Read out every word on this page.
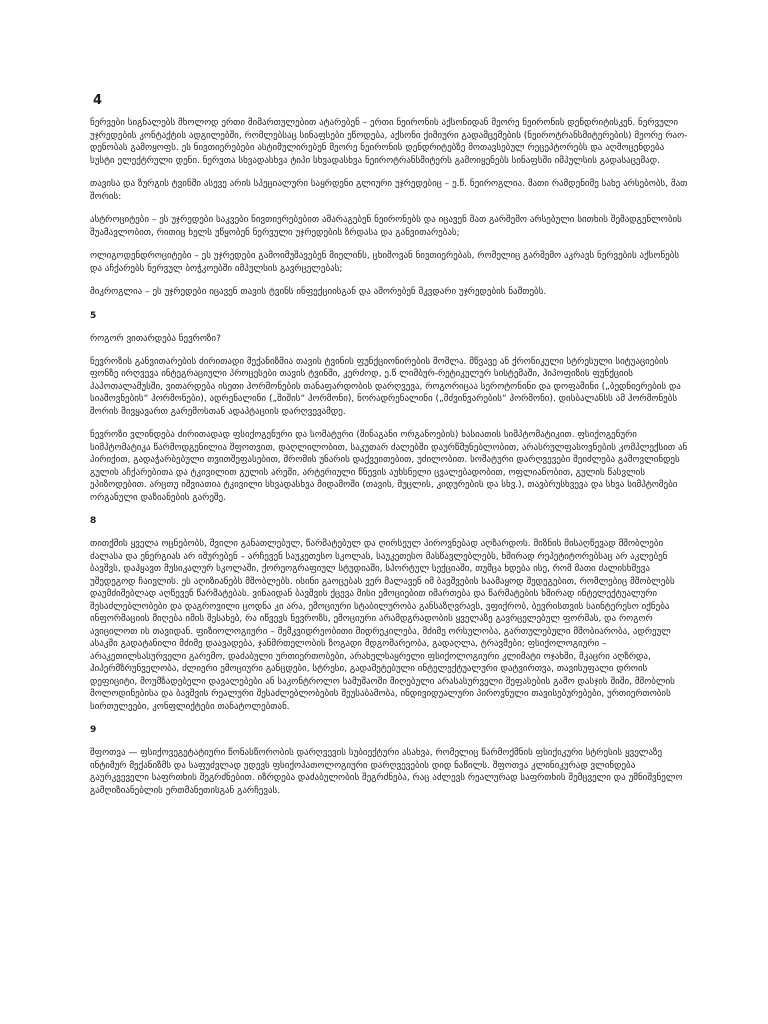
4

ნერვები სიგნალებს მხოლოდ ერთი მიმართულებით ატარებენ – ერთი ნეირონის აქსონიდან მეორე ნეირონის დენდრიტისკენ. ნერვული უჯრედების კონტაქტის ადგილებში, რომლებსაც სინაფსები ეწოდება, აქსონი ქიმიური გადამცემების (ნეიროტრანსმიტერების) მეორე რაო-დენობას გამოყოფს. ეს ნივთიერებები ასტიმულირებენ მეორე ნეირონის დენდრიტებზე მოთავსებულ რეცეპტორებს და აღმოცენდება სუსტი ელექტრული დენი. ნერვთა სხვადასხვა ტიპი სხვადასხვა ნეიროტრანსმიტერს გამოიყენებს სინაფსში იმპულსის გადასაცემად.

თავისა და ზურგის ტვინში ასევე არის სპეციალური საყრდენი გლიური უჯრედებიც – ე.წ. ნეიროგლია. მათი რამდენიმე სახე არსებობს, მათ შორის:

ასტროციტები – ეს უჯრედები საკვები ნივთიერებებით ამარაგებენ ნეირონებს და იცავენ მათ გარშემო არსებული სითხის შემადგენლობის შუამავლობით, რითიც ხელს უწყობენ ნერვული უჯრედების ზრდასა და განვითარებას;

ოლიგოდენდროციტები – ეს უჯრედები გამოიმუშავებენ მიელინს, ცხიმოვან ნივთიერებას, რომელიც გარშემო აკრავს ნერვების აქსონებს და აჩქარებს ნერვულ ბოჭკოებში იმპულსის გავრცელებას;

მიკროგლია – ეს უჯრედები იცავენ თავის ტვინს ინფექციისგან და აშორებენ მკვდარი უჯრედების ნაშთებს.

5
როგორ ვითარდება ნევროზი?

ნევროზის განვითარების ძირითადი მექანიზმია თავის ტვინის ფუნქციონირების მოშლა. მწვავე ან ქრონიკული სტრესული სიტუაციების ფონზე ირღვევა ინტეგრაციული პროცესები თავის ტვინში, კერძოდ, ე.წ ლიმბურ-რეტიკულურ სისტემაში, ჰიპოფიზის ფუნქციის პაპოთალამუსში, ვითარდება ისეთი ჰორმონების თანაფარდობის დარღვევა, როგორიცაა სეროტონინი და დოფამინი („ბედნიერების და სიამოვნების“ ჰორმონები), ადრენალინი („შიშის“ ჰორმონი), ნორადრენალინი („მძვინვარების“ ჰორმონი). დისბალანსს ამ ჰორმონებს შორის მივყავართ გარემოსთან ადაპტაციის დარღვევამდე.

ნევროზი ვლინდება ძირითადად ფსიქოგენური და სომატური (შინაგანი ორგანოების) ხასიათის სიმპტომატიკით. ფსიქოგენური სიმპტომატიკა წარმოდგენილია შფოთვით, დაღლილობით, საკუთარ ძალებში დაურწმუნებლობით, არასრულფასოვნების კომპლექსით ან პირიქით, გადაჭარბებული თვითშეფასებით, შრომის უნარის დაქვეითებით, უძილობით. სომატური დარღვევები შეიძლება გამოვლინდეს გულის აჩქარებითა და ტკივილით გულის არეში, არტერიული წნევის აუხსნელი ცვალებადობით, ოფლიანობით, გულის წასვლის ეპიზოდებით. არცთუ იშვიათია ტკივილი სხვადასხვა მიდამოში (თავის, მუცლის, კიდურების და სხვ.), თავბრუსხვევა და სხვა სიმპტომები ორგანული დაზიანების გარეშე.

8

თითქმის ყველა ოცნებობს, შვილი განათლებულ, წარმატებულ და ღირსეულ პიროვნებად აღზარდოს. მიზნის მისაღწევად მშობლები ძალასა და ენერგიას არ იშურებენ – არჩევენ საუკეთესო სკოლას, საუკეთესო მასწავლებლებს, ხშირად რეპეტიტორებსაც არ აკლებენ ბავშვს, დაჰყავთ მუსიკალურ სკოლაში, ქორეოგრაფიულ სტუდიაში, სპორტულ სექციაში, თუმცა ხდება ისე, რომ მათი ძალისხმევა უშედეგოდ ჩაივლის. ეს აღიზიანებს მშობლებს. ისინი გაოცებას ვერ მალავენ იმ ბავშვების საამაყოდ შედეგებით, რომლებიც მშობლებს დაუმძიმებლად აღწევენ წარმატებას. ვინაიდან ბავშვის ქცევა მისი ემოციებით იმართება და წარმატების ხშირად ინტელექტუალური შესაძლებლობები და დაგროვილი ცოდნა კი არა, ემოციური სტაბილურობა განსაზღვრავს, ვფიქრობ, ბევრისთვის საინტერესო იქნება ინფორმაციის მიღება იმის შესახებ, რა იწვევს ნევროზს, ემოციური არამდგრადობის ყველაზე გავრცელებულ ფორმას, და როგორ ავიცილოთ ის თავიდან. ფიზიოლოგიური – მემკვიდრეობითი მიდრეკილება, მძიმე ორსულობა, გართულებული მშობიარობა, ადრეულ ასაკში გადატანილი მძიმე დაავადება, ჯანმრთელობის ზოგადი მდგომარეობა, გადაღლა, ტრავმები; ფსიქოლოგიური – არაკეთილსასურველი გარემო, დაძაბული ურთიერთობები, არახელსაყრელი ფსიქოლოგიური კლიმატი ოჯახში, მკაცრი აღზრდა, ჰიპერმზრუნველობა, ძლიერი ემოციური განცდები, სტრესი, გადამეტებული ინტელექტუალური დატვირთვა, თავისუფალი დროის დეფიციტი, მოუმზადებელი დავალებები ან საკონტროლო სამუშაოში მიღებული არასასურველი შეფასების გამო დასჯის შიში, მშობლის მოლოდინებისა და ბავშვის რეალური შესაძლებლობების შეუსაბამობა, ინდივიდუალური პიროვნული თავისებურებები, ურთიერთობის სირთულეები, კონფლიქტები თანატოლებთან.

9

შფოთვა — ფსიქოვეგეტატიური წონასწორობის დარღვევის სუბიექტური ასახვა, რომელიც წარმოქმნის ფსიქიკური სტრესის ყველაზე ინტიმურ მექანიზმს და საფუძვლად უდევს ფსიქოპათოლოგიური დარღვევების დიდ ნაწილს. შფოთვა კლინიკურად ვლინდება გაურკვეველი საფრთხის შეგრძნებით. იზრდება დაძაბულობის შეგრძნება, რაც აძლევს რეალურად საფრთხის შემცველი და უმნიშვნელო გამღიზიანებლის ერთმანეთისგან გარჩევას.
